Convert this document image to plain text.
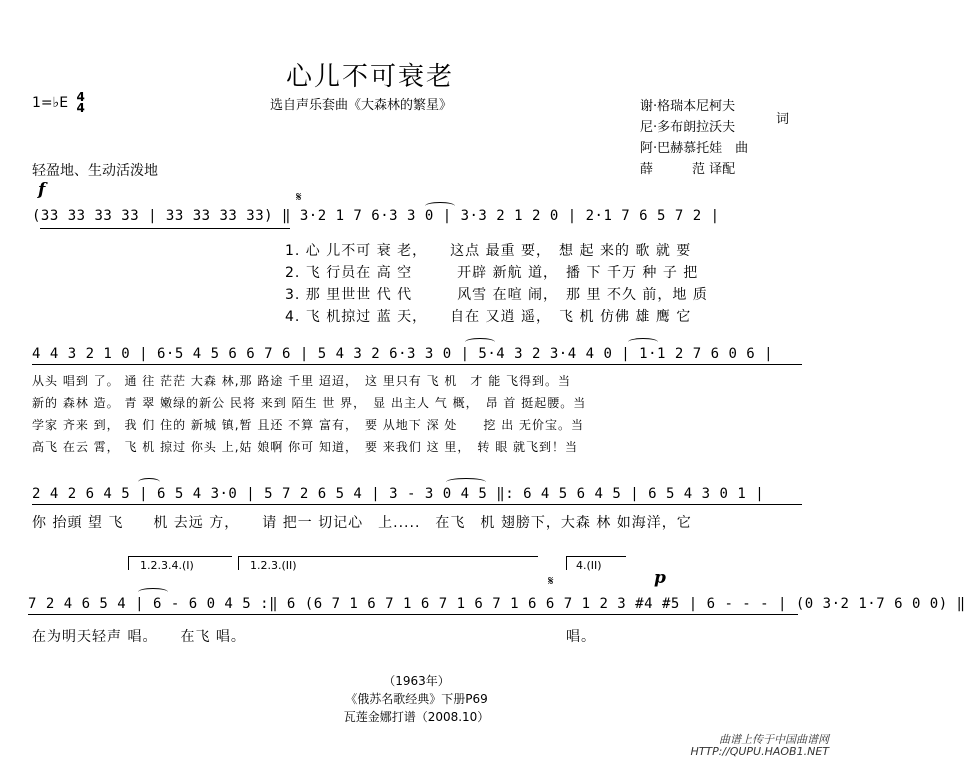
心儿不可衰老
选自声乐套曲《大森林的繁星》
1=♭E 4
4	谢·格瑞本尼柯夫
尼·多布朗拉沃夫
阿·巴赫慕托娃　曲
薛　　　范 译配
词
轻盈地、生动活泼地
f	𝄋
(33 33 33 33 | 33 33 33 33) ‖ 3·2 1 7 6·3 3 0 | 3·3 2 1 2 0 | 2·1 7 6 5 7 2 |
1. 心 儿不可 衰 老，　　这点 最重 要，　想 起 来的 歌 就 要
2. 飞 行员在 高 空　　　开辟 新航 道，　播 下 千万 种 子 把
3. 那 里世世 代 代　　　风雪 在喧 闹，　那 里 不久 前，地 质
4. 飞 机掠过 蓝 天，　　自在 又逍 遥，　飞 机 仿佛 雄 鹰 它
4 4 3 2 1 0 | 6·5 4 5 6 6 7 6 | 5 4 3 2 6·3 3 0 | 5·4 3 2 3·4 4 0 | 1·1 2 7 6 0 6 |
从头 唱到 了。 通 往 茫茫 大森 林,那 路途 千里 迢迢，　这 里只有 飞 机　才 能 飞得到。当
新的 森林 造。 青 翠 嫩绿的新公 民将 来到 陌生 世 界，　显 出主人 气 概，　昂 首 挺起腰。当
学家 齐来 到， 我 们 住的 新城 镇,暂 且还 不算 富有，　要 从地下 深 处　　挖 出 无价宝。当
高飞 在云 霄， 飞 机 掠过 你头 上,姑 娘啊 你可 知道，　要 来我们 这 里，　转 眼 就飞到！当
2 4 2 6 4 5 | 6 5 4 3·0 | 5 7 2 6 5 4 | 3 - 3 0 4 5 ‖: 6 4 5 6 4 5 | 6 5 4 3 0 1 |
你 抬頭 望 飞　　机 去远 方，　　请 把一 切记心　上.....　在飞　机 翅膀下，大森 林 如海洋，它
1.2.3.4.(I)	1.2.3.(II)	4.(II)
𝄋	p
7 2 4 6 5 4 | 6 - 6 0 4 5 :‖ 6 (6 7 1 6 7 1 6 7 1 6 7 1 6 6 7 1 2 3 #4 #5 | 6 - - - | (0 3·2 1·7 6 0 0) ‖
在为明天轻声 唱。　　在飞 唱。	唱。
（1963年）
《俄苏名歌经典》下册P69
瓦莲金娜打谱（2008.10）
曲谱上传于中国曲谱网
HTTP://QUPU.HAOB1.NET
